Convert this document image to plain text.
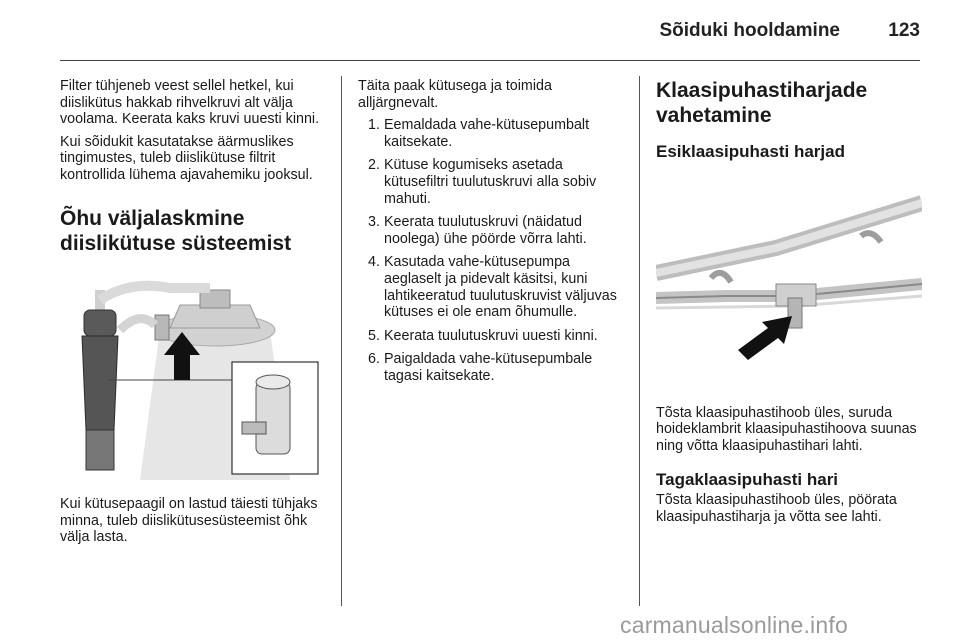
Sõiduki hooldamine	123

Filter tühjeneb veest sellel hetkel, kui diislikütus hakkab rihvelkruvi alt välja voolama. Keerata kaks kruvi uuesti kinni.

Kui sõidukit kasutatakse äärmuslikes tingimustes, tuleb diislikütuse filtrit kontrollida lühema ajavahemiku jooksul.

Õhu väljalaskmine diislikütuse süsteemist

Kui kütusepaagil on lastud täiesti tühjaks minna, tuleb diislikütusesüsteemist õhk välja lasta.

Täita paak kütusega ja toimida alljärgnevalt.

1. Eemaldada vahe-kütusepumbalt kaitsekate.
2. Kütuse kogumiseks asetada kütusefiltri tuulutuskruvi alla sobiv mahuti.
3. Keerata tuulutuskruvi (näidatud noolega) ühe pöörde võrra lahti.
4. Kasutada vahe-kütusepumpa aeglaselt ja pidevalt käsitsi, kuni lahtikeeratud tuulutuskruvist väljuvas kütuses ei ole enam õhumulle.
5. Keerata tuulutuskruvi uuesti kinni.
6. Paigaldada vahe-kütusepumbale tagasi kaitsekate.
Klaasipuhastiharjade vahetamine
Esiklaasipuhasti harjad

Tõsta klaasipuhastihoob üles, suruda hoideklambrit klaasipuhastihoova suunas ning võtta klaasipuhastihari lahti.

Tagaklaasipuhasti hari

Tõsta klaasipuhastihoob üles, pöörata klaasipuhastiharja ja võtta see lahti.

carmanualsonline.info
